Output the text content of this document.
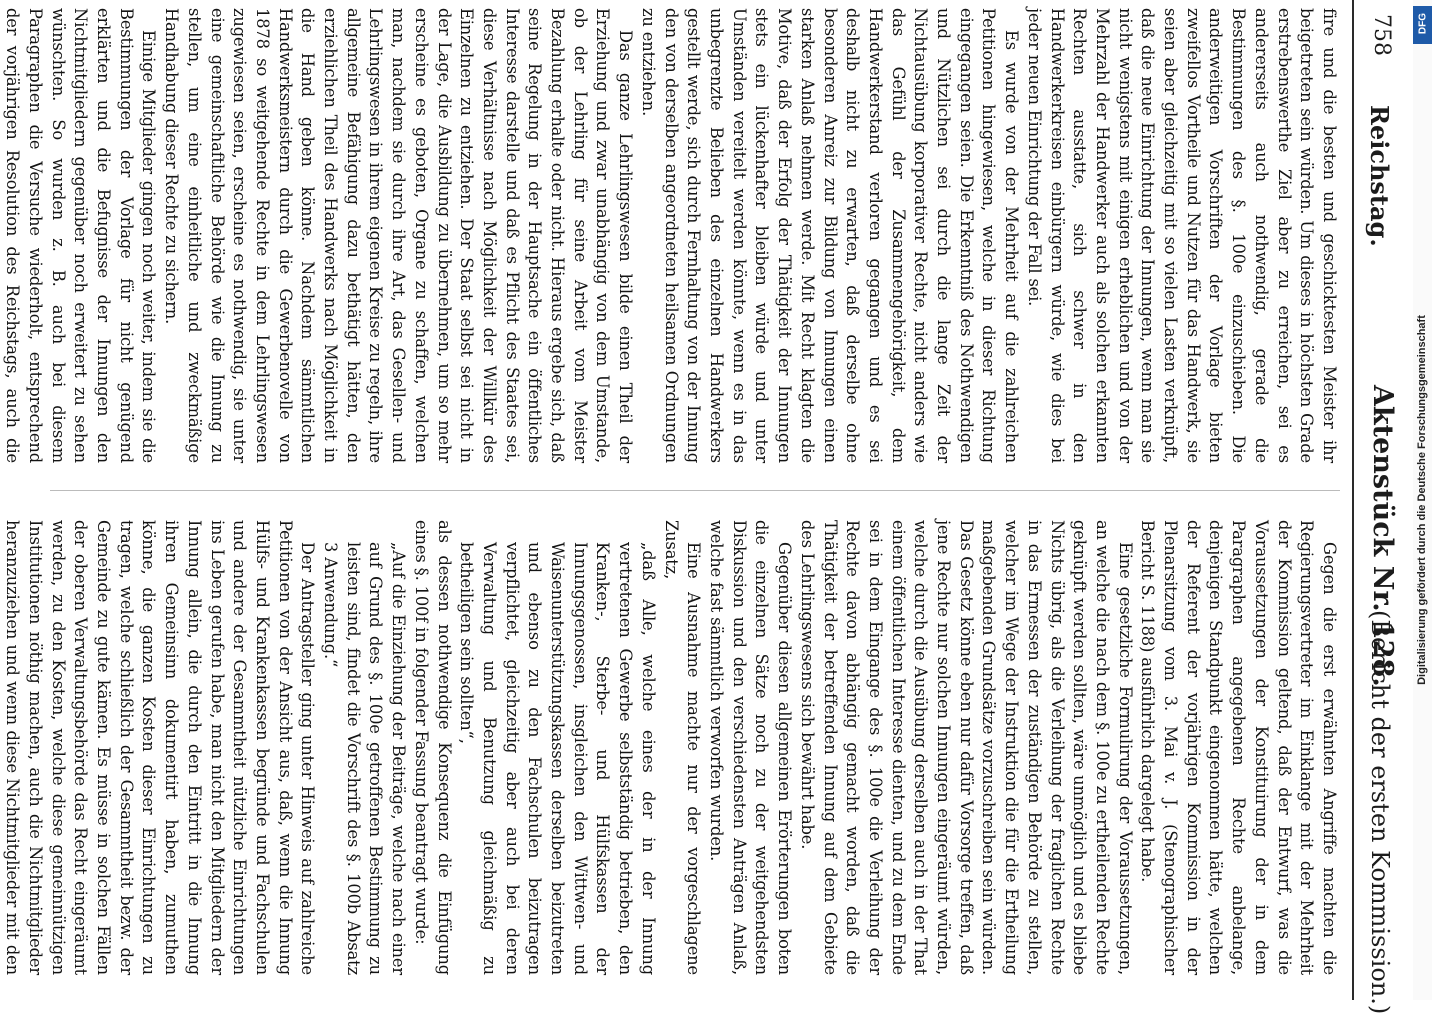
758
Reichstag.
Aktenstück Nr. 128.
(Bericht der ersten Kommission.)

fire und die besten und geschicktesten Meister ihr beigetreten sein würden. Um dieses in höchsten Grade erstrebenswerthe Ziel aber zu erreichen, sei es andererseits auch nothwendig, gerade die Bestimmungen des §. 100e einzuschieben. Die anderweitigen Vorschriften der Vorlage bieten zweifellos Vortheile und Nutzen für das Handwerk, sie seien aber gleichzeitig mit so vielen Lasten verknüpft, daß die neue Einrichtung der Innungen, wenn man sie nicht wenigstens mit einigen erheblichen und von der Mehrzahl der Handwerker auch als solchen erkannten Rechten ausstatte, sich schwer in den Handwerkerkreisen einbürgern würde, wie dies bei jeder neuen Einrichtung der Fall sei.

Es wurde von der Mehrheit auf die zahlreichen Petitionen hingewiesen, welche in dieser Richtung eingegangen seien. Die Erkenntniß des Nothwendigen und Nützlichen sei durch die lange Zeit der Nichtausübung korporativer Rechte, nicht anders wie das Gefühl der Zusammengehörigkeit, dem Handwerkerstand verloren gegangen und es sei deshalb nicht zu erwarten, daß derselbe ohne besonderen Anreiz zur Bildung von Innungen einen starken Anlaß nehmen werde. Mit Recht klagten die Motive, daß der Erfolg der Thätigkeit der Innungen stets ein lückenhafter bleiben würde und unter Umständen vereitelt werden könnte, wenn es in das unbegrenzte Belieben des einzelnen Handwerkers gestellt werde, sich durch Fernhaltung von der Innung den von derselben angeordneten heilsamen Ordnungen zu entziehen.

Das ganze Lehrlingswesen bilde einen Theil der Erziehung und zwar unabhängig von dem Umstande, ob der Lehrling für seine Arbeit vom Meister Bezahlung erhalte oder nicht. Hieraus ergebe sich, daß seine Regelung in der Hauptsache ein öffentliches Interesse darstelle und daß es Pflicht des Staates sei, diese Verhältnisse nach Möglichkeit der Willkür des Einzelnen zu entziehen. Der Staat selbst sei nicht in der Lage, die Ausbildung zu übernehmen, um so mehr erscheine es geboten, Organe zu schaffen, welchen man, nachdem sie durch ihre Art, das Gesellen- und Lehrlingswesen in ihrem eigenen Kreise zu regeln, ihre allgemeine Befähigung dazu bethätigt hätten, den erziehlichen Theil des Handwerks nach Möglichkeit in die Hand geben könne. Nachdem sämmtlichen Handwerksmeistern durch die Gewerbenovelle von 1878 so weitgehende Rechte in dem Lehrlingswesen zugewiesen seien, erscheine es nothwendig, sie unter eine gemeinschaftliche Behörde wie die Innung zu stellen, um eine einheitliche und zweckmäßige Handhabung dieser Rechte zu sichern.

Einige Mitglieder gingen noch weiter, indem sie die Bestimmungen der Vorlage für nicht genügend erklärten und die Befugnisse der Innungen den Nichtmitgliedern gegenüber noch erweitert zu sehen wünschten. So wurden z. B. auch bei diesem Paragraphen die Versuche wiederholt, entsprechend der vorjährigen Resolution des Reichstags, auch die

Gegen die erst erwähnten Angriffe machten die Regierungsvertreter im Einklange mit der Mehrheit der Kommission geltend, daß der Entwurf, was die Voraussetzungen der Konstituirung der in dem Paragraphen angegebenen Rechte anbelange, denjenigen Standpunkt eingenommen hätte, welchen der Referent der vorjährigen Kommission in der Plenarsitzung vom 3. Mai v. J. (Stenographischer Bericht S. 1188) ausführlich dargelegt habe.

Eine gesetzliche Formulirung der Voraussetzungen, an welche die nach dem §. 100e zu ertheilenden Rechte geknüpft werden sollten, wäre unmöglich und es bliebe Nichts übrig, als die Verleihung der fraglichen Rechte in das Ermessen der zuständigen Behörde zu stellen, welcher im Wege der Instruktion die für die Ertheilung maßgebenden Grundsätze vorzuschreiben sein würden. Das Gesetz könne eben nur dafür Vorsorge treffen, daß jene Rechte nur solchen Innungen eingeräumt würden, welche durch die Ausübung derselben auch in der That einem öffentlichen Interesse dienten, und zu dem Ende sei in dem Eingange des §. 100e die Verleihung der Rechte davon abhängig gemacht worden, daß die Thätigkeit der betreffenden Innung auf dem Gebiete des Lehrlingswesens sich bewährt habe.

Gegenüber diesen allgemeinen Erörterungen boten die einzelnen Sätze noch zu der weitgehendsten Diskussion und den verschiedensten Anträgen Anlaß, welche fast sämmtlich verworfen wurden.

Eine Ausnahme machte nur der vorgeschlagene Zusatz,

„daß Alle, welche eines der in der Innung vertretenen Gewerbe selbstständig betrieben, den Kranken-, Sterbe- und Hülfskassen der Innungsgenossen, insgleichen den Wittwen- und Waisenunterstützungskassen derselben beizutreten und ebenso zu den Fachschulen beizutragen verpflichtet, gleichzeitig aber auch bei deren Verwaltung und Benutzung gleichmäßig zu betheiligen sein sollten“,

als dessen nothwendige Konsequenz die Einfügung eines §. 100f in folgender Fassung beantragt wurde:

„Auf die Einziehung der Beiträge, welche nach einer auf Grund des §. 100e getroffenen Bestimmung zu leisten sind, findet die Vorschrift des §. 100b Absatz 3 Anwendung.“

Der Antragsteller ging unter Hinweis auf zahlreiche Petitionen von der Ansicht aus, daß, wenn die Innung Hülfs- und Krankenkassen begründe und Fachschulen und andere der Gesammtheit nützliche Einrichtungen ins Leben gerufen habe, man nicht den Mitgliedern der Innung allein, die durch den Eintritt in die Innung ihren Gemeinsinn dokumentirt haben, zumuthen könne, die ganzen Kosten dieser Einrichtungen zu tragen, welche schließlich der Gesammtheit bezw. der Gemeinde zu gute kämen. Es müsse in solchen Fällen der oberen Verwaltungsbehörde das Recht eingeräumt werden, zu den Kosten, welche diese gemeinnützigen Institutionen nöthig machen, auch die Nichtmitglieder heranzuziehen und wenn diese Nichtmitglieder mit den

Digitalisierung gefördert durch die Deutsche Forschungsgemeinschaft
DFG
